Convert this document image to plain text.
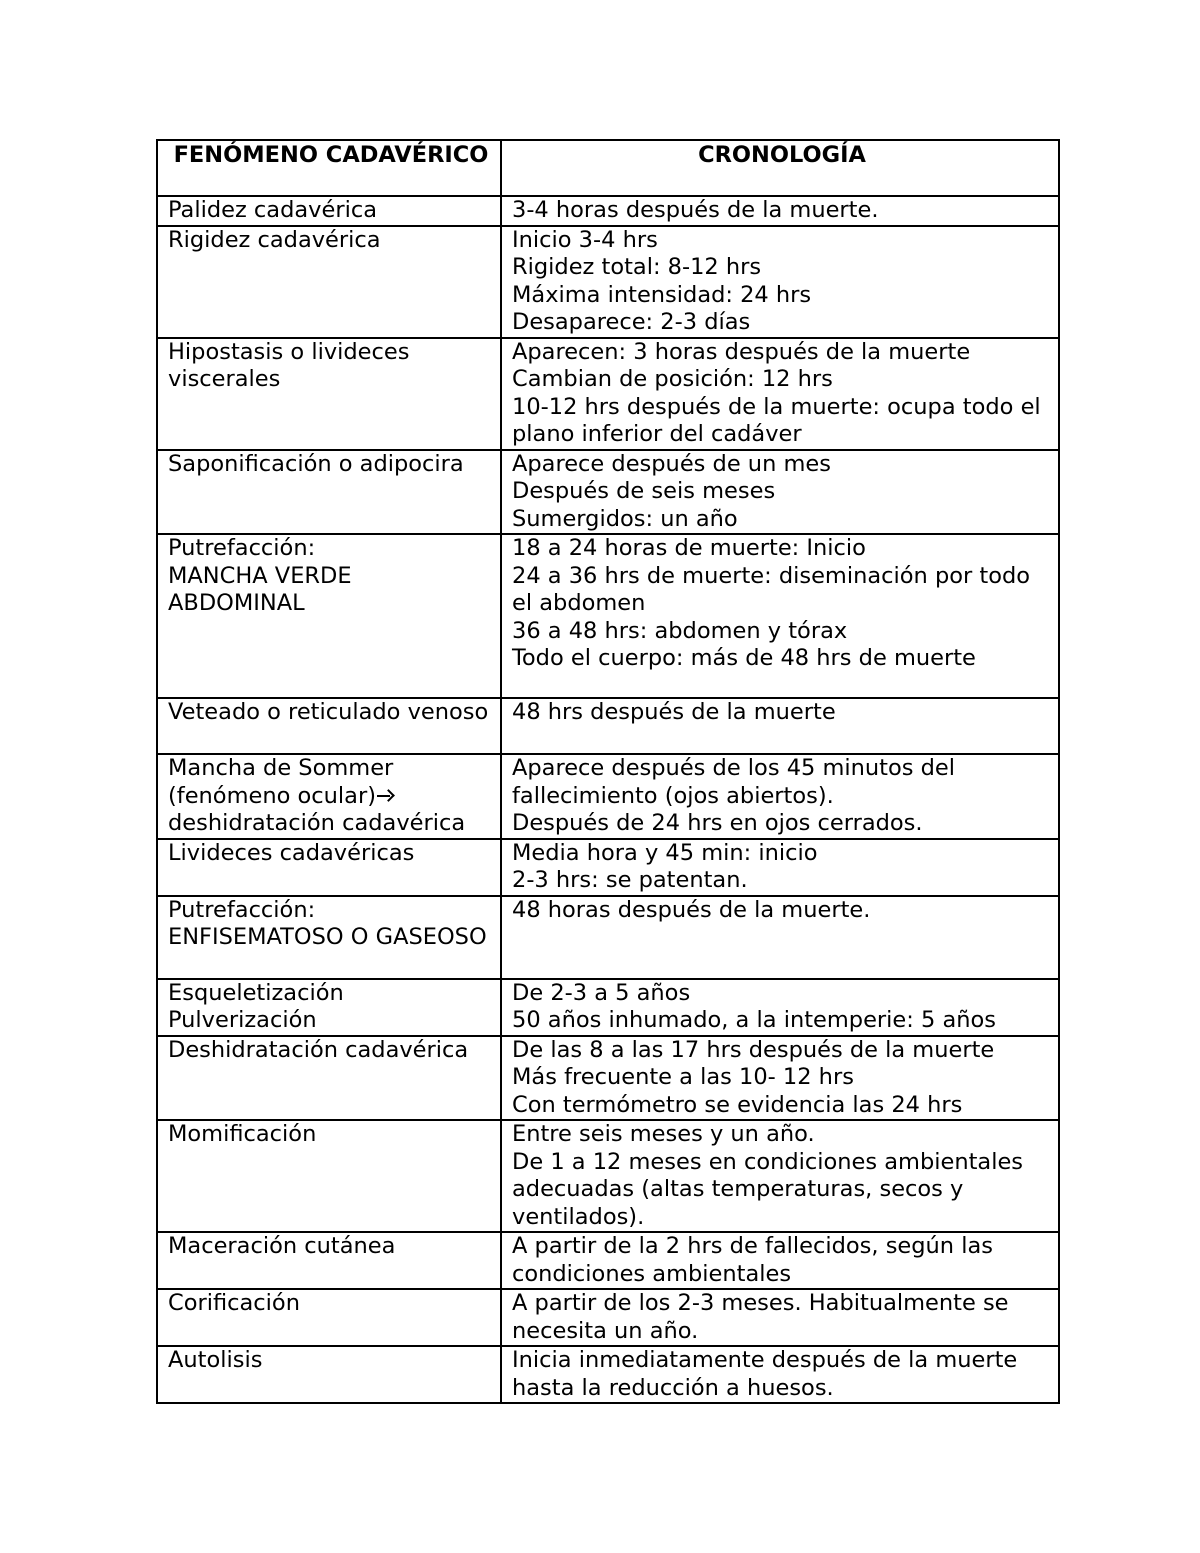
FENÓMENO CADAVÉRICO	CRONOLOGÍA

Palidez cadavérica	3-4 horas después de la muerte.

Rigidez cadavérica	Inicio 3-4 hrs
Rigidez total: 8-12 hrs
Máxima intensidad: 24 hrs
Desaparece: 2-3 días

Hipostasis o livideces viscerales	Aparecen: 3 horas después de la muerte
Cambian de posición: 12 hrs
10-12 hrs después de la muerte: ocupa todo el plano inferior del cadáver

Saponificación o adipocira	Aparece después de un mes
Después de seis meses
Sumergidos: un año

Putrefacción:
MANCHA VERDE ABDOMINAL	18 a 24 horas de muerte: Inicio
24 a 36 hrs de muerte: diseminación por todo el abdomen
36 a 48 hrs: abdomen y tórax
Todo el cuerpo: más de 48 hrs de muerte

Veteado o reticulado venoso	48 hrs después de la muerte

Mancha de Sommer (fenómeno ocular)
deshidratación cadavérica	Aparece después de los 45 minutos del fallecimiento (ojos abiertos).
Después de 24 hrs en ojos cerrados.

Livideces cadavéricas	Media hora y 45 min: inicio
2-3 hrs: se patentan.

Putrefacción:
ENFISEMATOSO O GASEOSO	48 horas después de la muerte.

Esqueletización
Pulverización	De 2-3 a 5 años
50 años inhumado, a la intemperie: 5 años

Deshidratación cadavérica	De las 8 a las 17 hrs después de la muerte
Más frecuente a las 10- 12 hrs
Con termómetro se evidencia las 24 hrs

Momificación	Entre seis meses y un año.
De 1 a 12 meses en condiciones ambientales adecuadas (altas temperaturas, secos y ventilados).

Maceración cutánea	A partir de la 2 hrs de fallecidos, según las condiciones ambientales

Corificación	A partir de los 2-3 meses. Habitualmente se necesita un año.

Autolisis	Inicia inmediatamente después de la muerte hasta la reducción a huesos.
